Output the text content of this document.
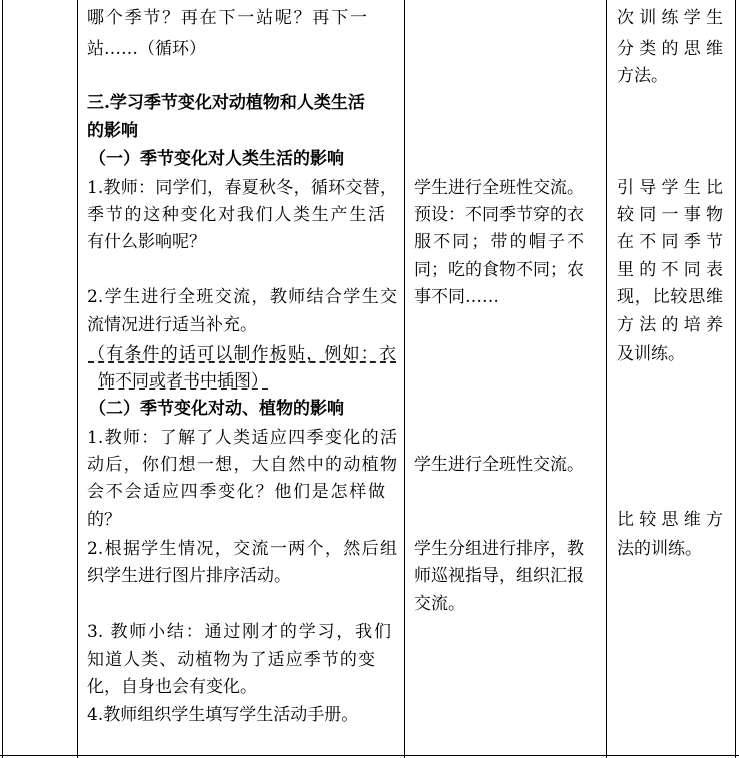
哪个季节？再在下一站呢？再下一
站……（循环）
三.学习季节变化对动植物和人类生活
的影响
（一）季节变化对人类生活的影响
1.教师：同学们，春夏秋冬，循环交替，
季节的这种变化对我们人类生产生活
有什么影响呢？
2.学生进行全班交流，教师结合学生交
流情况进行适当补充。
（有条件的话可以制作板贴，例如：衣
饰不同或者书中插图）
（二）季节变化对动、植物的影响
1.教师：了解了人类适应四季变化的活
动后，你们想一想，大自然中的动植物
会不会适应四季变化？他们是怎样做
的？
2.根据学生情况，交流一两个，然后组
织学生进行图片排序活动。
3. 教师小结：通过刚才的学习，我们
知道人类、动植物为了适应季节的变
化，自身也会有变化。
4.教师组织学生填写学生活动手册。
学生进行全班性交流。
预设：不同季节穿的衣
服不同；带的帽子不
同；吃的食物不同；农
事不同……
学生进行全班性交流。
学生分组进行排序，教
师巡视指导，组织汇报
交流。
次训练学生
分类的思维
方法。
引导学生比
较同一事物
在不同季节
里的不同表
现，比较思维
方法的培养
及训练。
比较思维方
法的训练。
